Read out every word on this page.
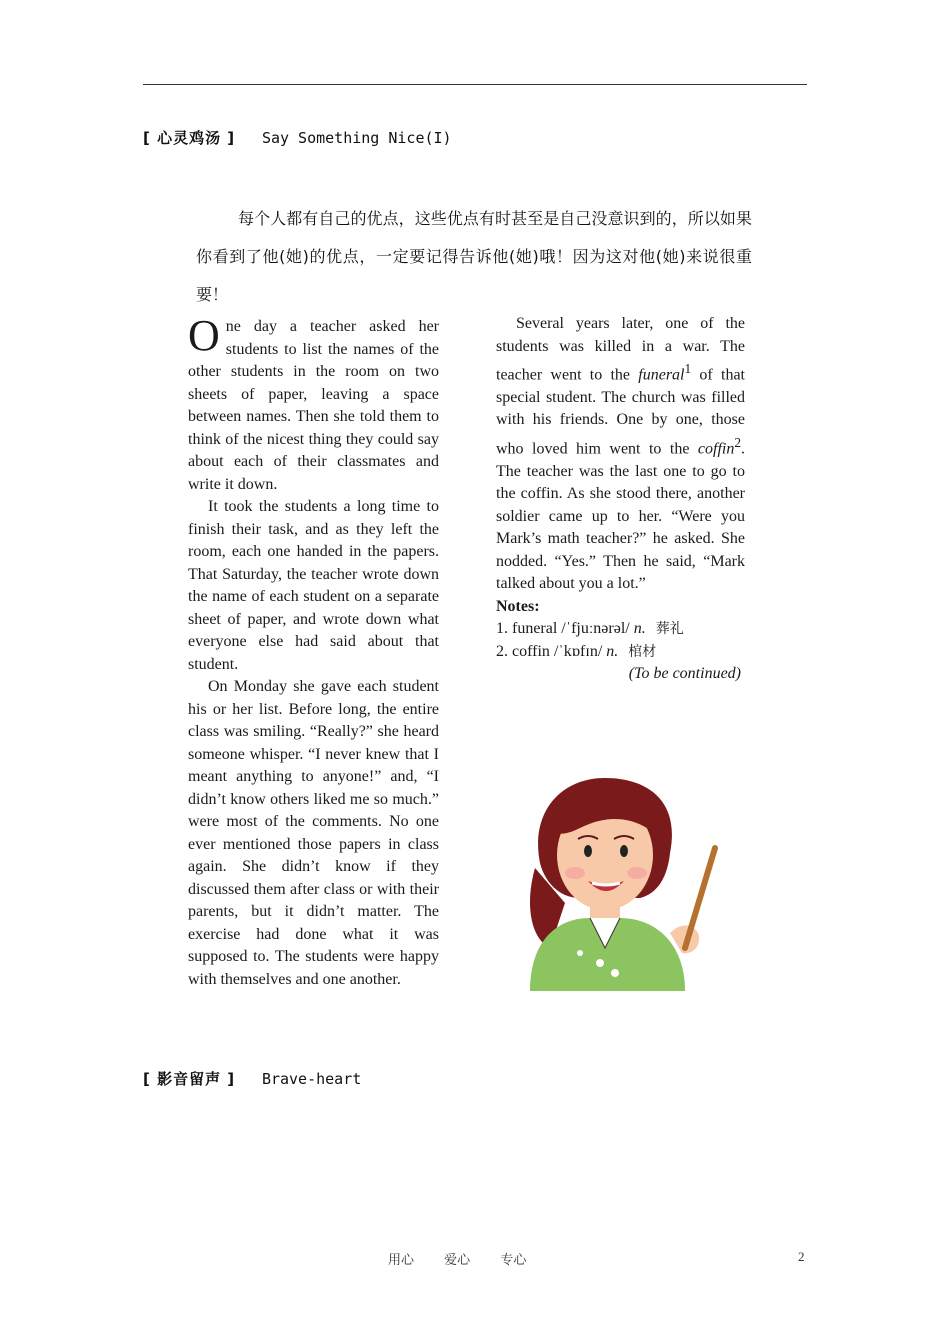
[ 心灵鸡汤 ] Say Something Nice(I)
每个人都有自己的优点，这些优点有时甚至是自己没意识到的，所以如果你看到了他(她)的优点，一定要记得告诉他(她)哦！因为这对他(她)来说很重要！

O ne day a teacher asked her students to list the names of the other students in the room on two sheets of paper, leaving a space between names. Then she told them to think of the nicest thing they could say about each of their classmates and write it down.

It took the students a long time to finish their task, and as they left the room, each one handed in the papers. That Saturday, the teacher wrote down the name of each student on a separate sheet of paper, and wrote down what everyone else had said about that student.

On Monday she gave each student his or her list. Before long, the entire class was smiling. “Really?” she heard someone whisper. “I never knew that I meant anything to anyone!” and, “I didn’t know others liked me so much.” were most of the comments. No one ever mentioned those papers in class again. She didn’t know if they discussed them after class or with their parents, but it didn’t matter. The exercise had done what it was supposed to. The students were happy with themselves and one another.

Several years later, one of the students was killed in a war. The teacher went to the funeral$^1$ of that special student. The church was filled with his friends. One by one, those who loved him went to the coffin$^2$. The teacher was the last one to go to the coffin. As she stood there, another soldier came up to her. “Were you Mark’s math teacher?” he asked. She nodded. “Yes.” Then he said, “Mark talked about you a lot.”

Notes:

1. funeral /ˈfjuːnərəl/ n. 葬礼

2. coffin /ˈkɒfɪn/ n. 棺材

(To be continued)

[ 影音留声 ] Brave-heart
用心 爱心 专心	2
